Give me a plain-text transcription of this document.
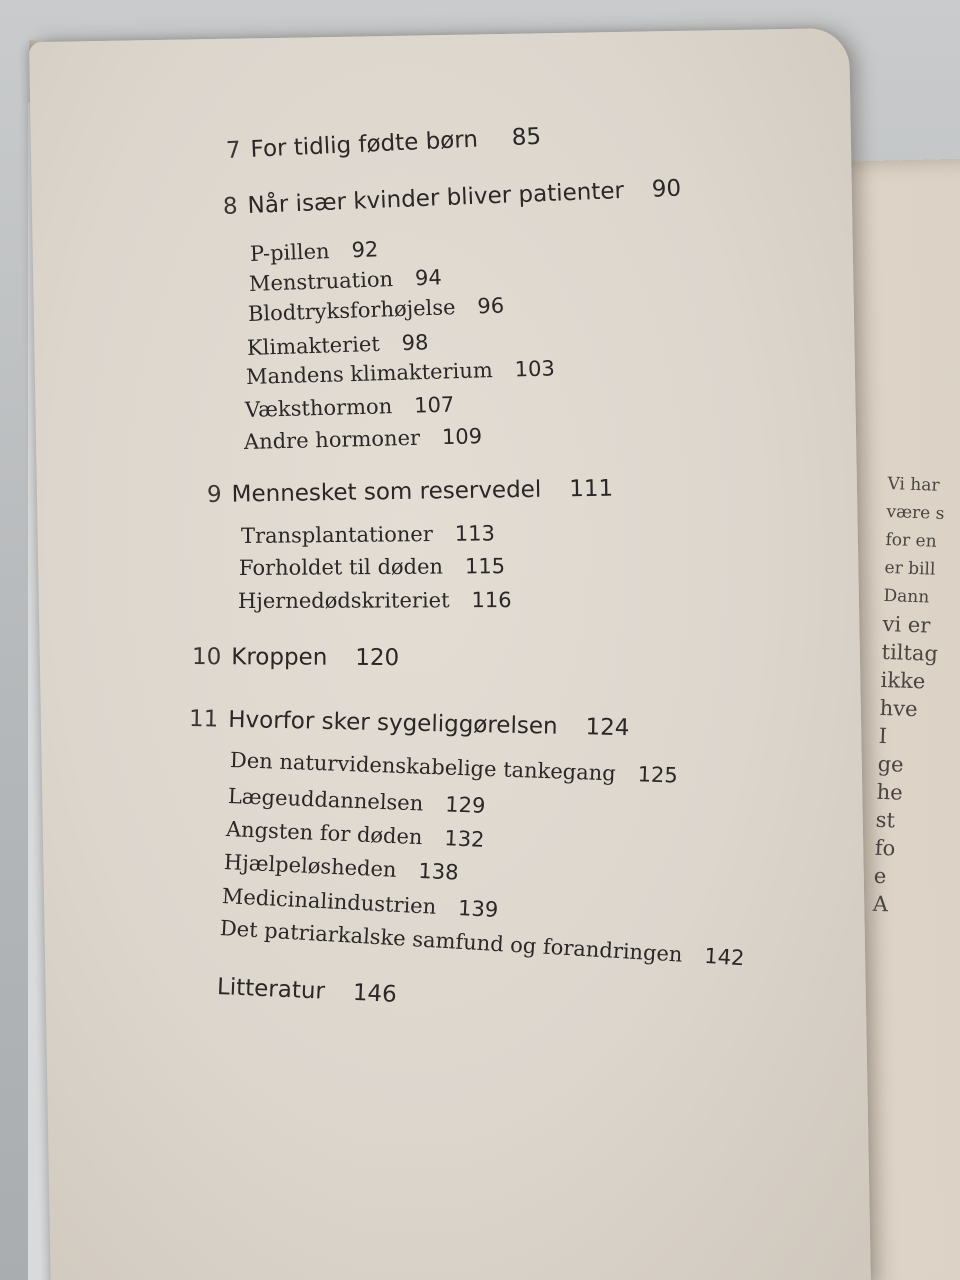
Vi har
være s
for en
er bill
Dann
vi er
tiltag
ikke
hve
I
ge
he
st
fo
e
A
7 For tidlig fødte børn 85
8 Når især kvinder bliver patienter 90
P-pillen 92
Menstruation 94
Blodtryksforhøjelse 96
Klimakteriet 98
Mandens klimakterium 103
Væksthormon 107
Andre hormoner 109
9 Mennesket som reservedel 111
Transplantationer 113
Forholdet til døden 115
Hjernedødskriteriet 116
10 Kroppen 120
11 Hvorfor sker sygeliggørelsen 124
Den naturvidenskabelige tankegang 125
Lægeuddannelsen 129
Angsten for døden 132
Hjælpeløsheden 138
Medicinalindustrien 139
Det patriarkalske samfund og forandringen 142
Litteratur 146
